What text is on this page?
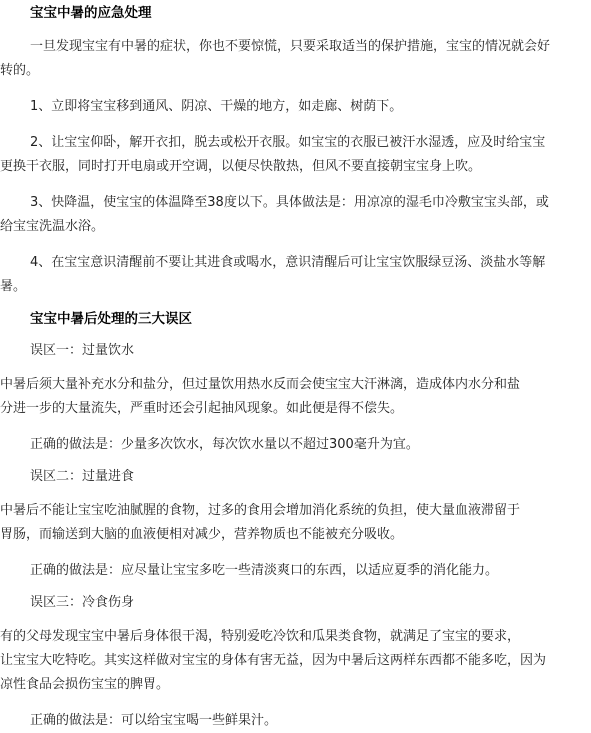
宝宝中暑的应急处理

一旦发现宝宝有中暑的症状，你也不要惊慌，只要采取适当的保护措施，宝宝的情况就会好

转的。

1、立即将宝宝移到通风、阴凉、干燥的地方，如走廊、树荫下。

2、让宝宝仰卧，解开衣扣，脱去或松开衣服。如宝宝的衣服已被汗水湿透，应及时给宝宝

更换干衣服，同时打开电扇或开空调，以便尽快散热，但风不要直接朝宝宝身上吹。

3、快降温，使宝宝的体温降至38度以下。具体做法是：用凉凉的湿毛巾冷敷宝宝头部，或

给宝宝洗温水浴。

4、在宝宝意识清醒前不要让其进食或喝水，意识清醒后可让宝宝饮服绿豆汤、淡盐水等解

暑。

宝宝中暑后处理的三大误区

误区一：过量饮水

中暑后须大量补充水分和盐分，但过量饮用热水反而会使宝宝大汗淋漓，造成体内水分和盐
分进一步的大量流失，严重时还会引起抽风现象。如此便是得不偿失。

正确的做法是：少量多次饮水，每次饮水量以不超过300毫升为宜。

误区二：过量进食

中暑后不能让宝宝吃油腻腥的食物，过多的食用会增加消化系统的负担，使大量血液滞留于
胃肠，而输送到大脑的血液便相对减少，营养物质也不能被充分吸收。

正确的做法是：应尽量让宝宝多吃一些清淡爽口的东西，以适应夏季的消化能力。

误区三：冷食伤身

有的父母发现宝宝中暑后身体很干渴，特别爱吃冷饮和瓜果类食物，就满足了宝宝的要求，
让宝宝大吃特吃。其实这样做对宝宝的身体有害无益，因为中暑后这两样东西都不能多吃，因为
凉性食品会损伤宝宝的脾胃。

正确的做法是：可以给宝宝喝一些鲜果汁。
